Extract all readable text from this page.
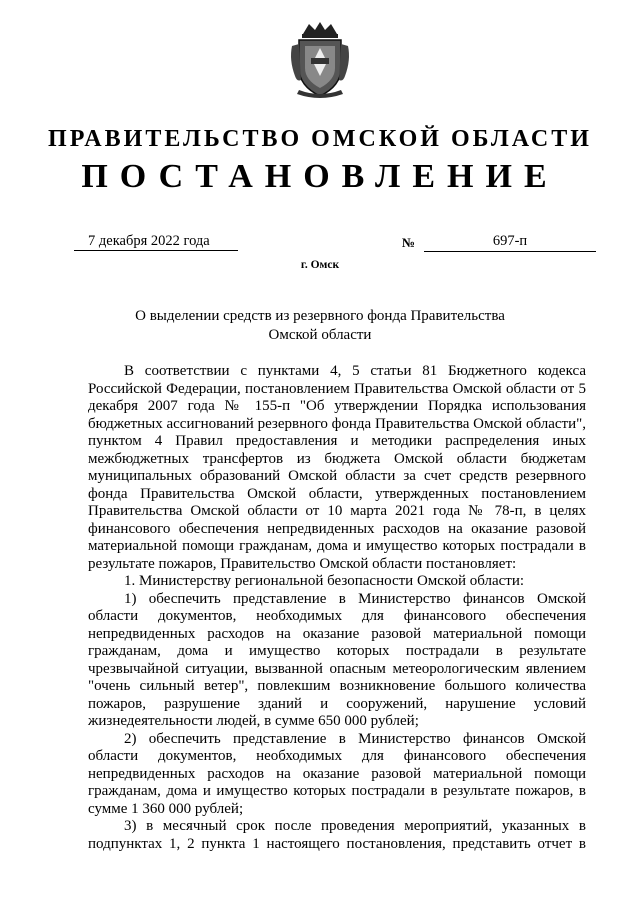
ПРАВИТЕЛЬСТВО ОМСКОЙ ОБЛАСТИ
ПОСТАНОВЛЕНИЕ
7 декабря 2022 года	№	697-п
г. Омск
О выделении средств из резервного фонда Правительства
Омской области

В соответствии с пунктами 4, 5 статьи 81 Бюджетного кодекса Российской Федерации, постановлением Правительства Омской области от 5 декабря 2007 года № 155-п "Об утверждении Порядка использования бюджетных ассигнований резервного фонда Правительства Омской области", пунктом 4 Правил предоставления и методики распределения иных межбюджетных трансфертов из бюджета Омской области бюджетам муниципальных образований Омской области за счет средств резервного фонда Правительства Омской области, утвержденных постановлением Правительства Омской области от 10 марта 2021 года № 78-п, в целях финансового обеспечения непредвиденных расходов на оказание разовой материальной помощи гражданам, дома и имущество которых пострадали в результате пожаров, Правительство Омской области постановляет:

1. Министерству региональной безопасности Омской области:

1) обеспечить представление в Министерство финансов Омской области документов, необходимых для финансового обеспечения непредвиденных расходов на оказание разовой материальной помощи гражданам, дома и имущество которых пострадали в результате чрезвычайной ситуации, вызванной опасным метеорологическим явлением "очень сильный ветер", повлекшим возникновение большого количества пожаров, разрушение зданий и сооружений, нарушение условий жизнедеятельности людей, в сумме 650 000 рублей;

2) обеспечить представление в Министерство финансов Омской области документов, необходимых для финансового обеспечения непредвиденных расходов на оказание разовой материальной помощи гражданам, дома и имущество которых пострадали в результате пожаров, в сумме 1 360 000 рублей;

3) в месячный срок после проведения мероприятий, указанных в подпунктах 1, 2 пункта 1 настоящего постановления, представить отчет в
